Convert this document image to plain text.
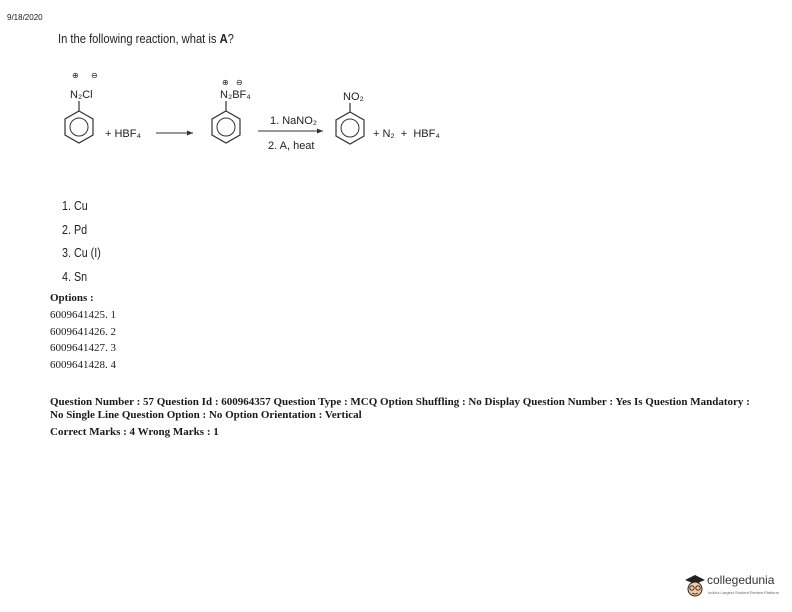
9/18/2020
In the following reaction, what is A?
⊕ ⊖
N₂Cl
+ HBF₄
⊕ ⊖
N₂BF₄
1. NaNO₂
2. A, heat
NO₂
+ N₂  +  HBF₄
1. Cu
2. Pd
3. Cu (I)
4. Sn
Options :
6009641425. 1
6009641426. 2
6009641427. 3
6009641428. 4
Question Number : 57 Question Id : 600964357 Question Type : MCQ Option Shuffling : No Display Question Number : Yes Is Question Mandatory : No Single Line Question Option : No Option Orientation : Vertical
Correct Marks : 4 Wrong Marks : 1
collegedunia
India's Largest Student Review Platform
